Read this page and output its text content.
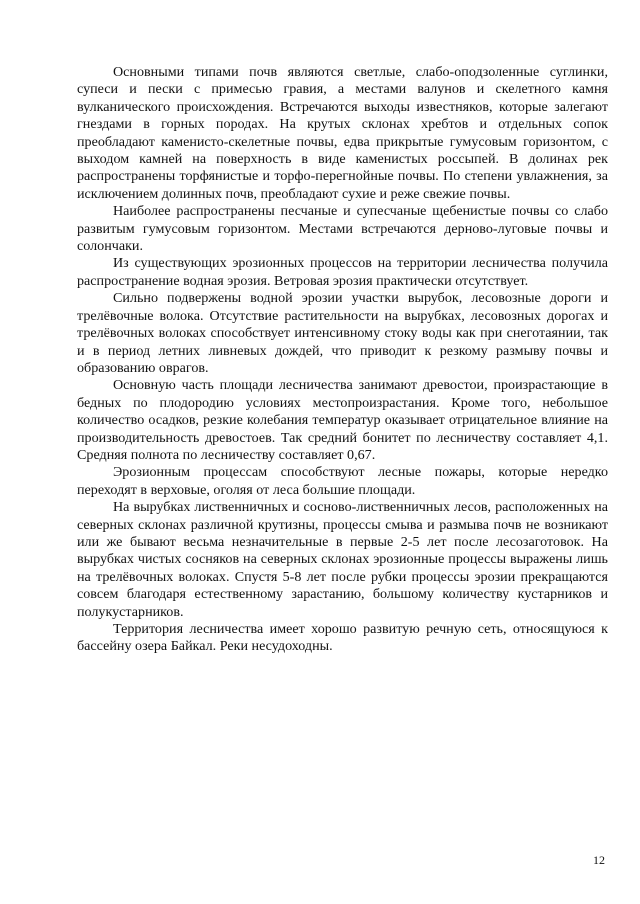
Основными типами почв являются светлые, слабо-оподзоленные суглинки, супеси и пески с примесью гравия, а местами валунов и скелетного камня вулканического происхождения. Встречаются выходы известняков, которые залегают гнездами в горных породах. На крутых склонах хребтов и отдельных сопок преобладают каменисто-скелетные почвы, едва прикрытые гумусовым горизонтом, с выходом камней на поверхность в виде каменистых россыпей. В долинах рек распространены торфянистые и торфо-перегнойные почвы. По степени увлажнения, за исключением долинных почв, преобладают сухие и реже свежие почвы.

Наиболее распространены песчаные и супесчаные щебенистые почвы со слабо развитым гумусовым горизонтом. Местами встречаются дерново-луговые почвы и солончаки.

Из существующих эрозионных процессов на территории лесничества получила распространение водная эрозия. Ветровая эрозия практически отсутствует.

Сильно подвержены водной эрозии участки вырубок, лесовозные дороги и трелёвочные волока. Отсутствие растительности на вырубках, лесовозных дорогах и трелёвочных волоках способствует интенсивному стоку воды как при снеготаянии, так и в период летних ливневых дождей, что приводит к резкому размыву почвы и образованию оврагов.

Основную часть площади лесничества занимают древостои, произрастающие в бедных по плодородию условиях местопроизрастания. Кроме того, небольшое количество осадков, резкие колебания температур оказывает отрицательное влияние на производительность древостоев. Так средний бонитет по лесничеству составляет 4,1. Средняя полнота по лесничеству составляет 0,67.

Эрозионным процессам способствуют лесные пожары, которые нередко переходят в верховые, оголяя от леса большие площади.

На вырубках лиственничных и сосново-лиственничных лесов, расположенных на северных склонах различной крутизны, процессы смыва и размыва почв не возникают или же бывают весьма незначительные в первые 2-5 лет после лесозаготовок. На вырубках чистых сосняков на северных склонах эрозионные процессы выражены лишь на трелёвочных волоках. Спустя 5-8 лет после рубки процессы эрозии прекращаются совсем благодаря естественному зарастанию, большому количеству кустарников и полукустарников.

Территория лесничества имеет хорошо развитую речную сеть, относящуюся к бассейну озера Байкал. Реки несудоходны.

12
